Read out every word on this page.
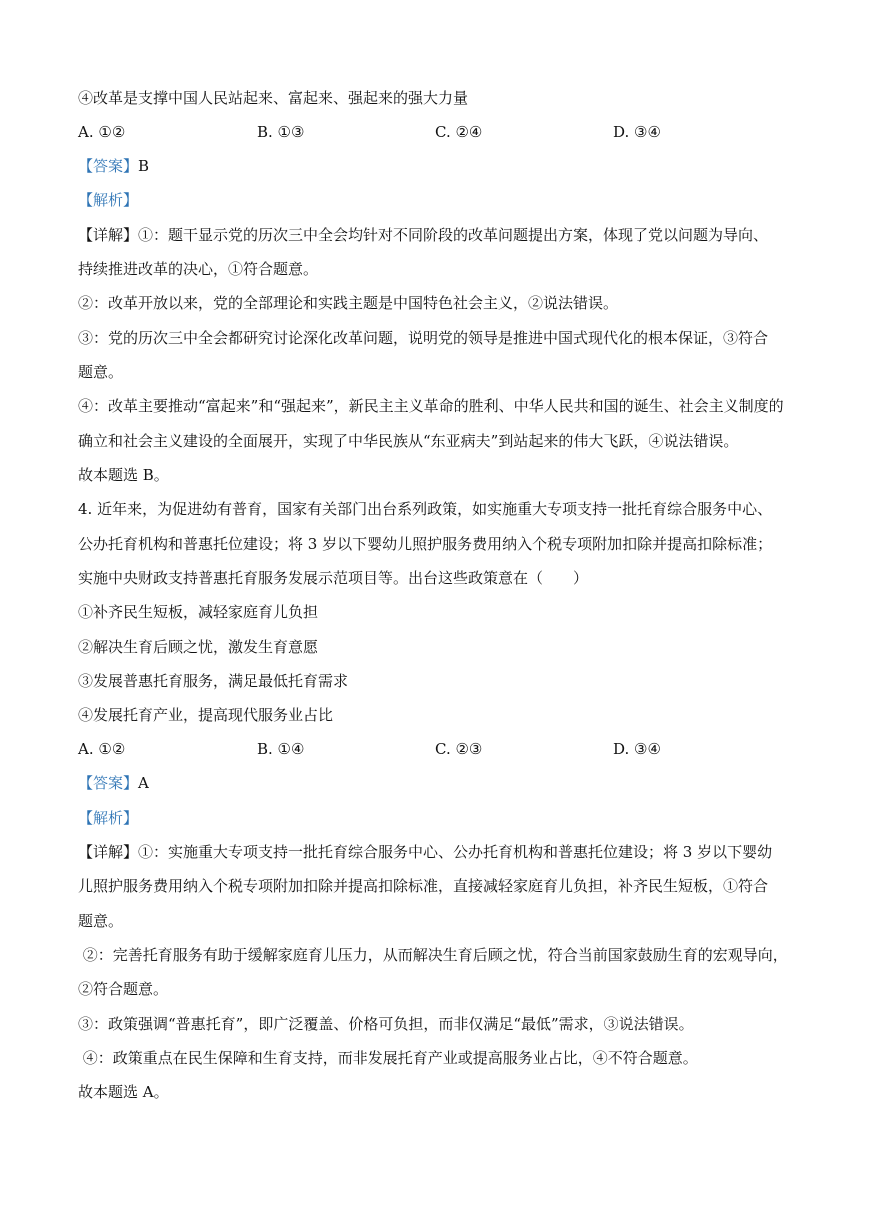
④改革是支撑中国人民站起来、富起来、强起来的强大力量

A. ①②	B. ①③	C. ②④	D. ③④

【答案】B

【解析】

【详解】①：题干显示党的历次三中全会均针对不同阶段的改革问题提出方案，体现了党以问题为导向、

持续推进改革的决心，①符合题意。

②：改革开放以来，党的全部理论和实践主题是中国特色社会主义，②说法错误。

③：党的历次三中全会都研究讨论深化改革问题，说明党的领导是推进中国式现代化的根本保证，③符合

题意。

④：改革主要推动“富起来”和“强起来”，新民主主义革命的胜利、中华人民共和国的诞生、社会主义制度的

确立和社会主义建设的全面展开，实现了中华民族从“东亚病夫”到站起来的伟大飞跃，④说法错误。

故本题选 B。

4. 近年来，为促进幼有普育，国家有关部门出台系列政策，如实施重大专项支持一批托育综合服务中心、

公办托育机构和普惠托位建设；将 3 岁以下婴幼儿照护服务费用纳入个税专项附加扣除并提高扣除标准；

实施中央财政支持普惠托育服务发展示范项目等。出台这些政策意在（　　）

①补齐民生短板，减轻家庭育儿负担

②解决生育后顾之忧，激发生育意愿

③发展普惠托育服务，满足最低托育需求

④发展托育产业，提高现代服务业占比

A. ①②	B. ①④	C. ②③	D. ③④

【答案】A

【解析】

【详解】①：实施重大专项支持一批托育综合服务中心、公办托育机构和普惠托位建设；将 3 岁以下婴幼

儿照护服务费用纳入个税专项附加扣除并提高扣除标准，直接减轻家庭育儿负担，补齐民生短板，①符合

题意。

②：完善托育服务有助于缓解家庭育儿压力，从而解决生育后顾之忧，符合当前国家鼓励生育的宏观导向，

②符合题意。

③：政策强调“普惠托育”，即广泛覆盖、价格可负担，而非仅满足“最低”需求，③说法错误。

④：政策重点在民生保障和生育支持，而非发展托育产业或提高服务业占比，④不符合题意。

故本题选 A。
